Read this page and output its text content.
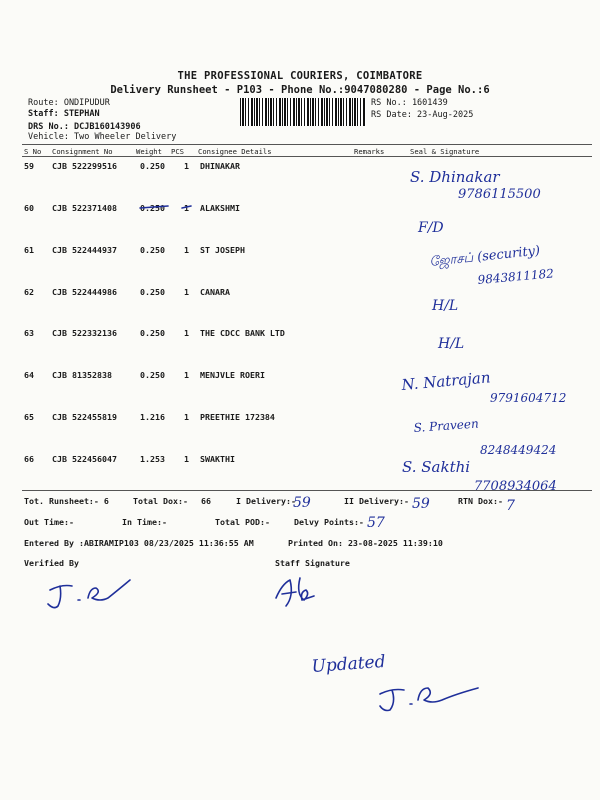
THE PROFESSIONAL COURIERS, COIMBATORE
Delivery Runsheet - P103 - Phone No.:9047080280 - Page No.:6
Route: ONDIPUDUR
Staff: STEPHAN
DRS No.: DCJB160143906
Vehicle: Two Wheeler Delivery
RS No.: 1601439
RS Date: 23-Aug-2025
S No Consignment No	Weight PCS Consignee Details	Remarks	Seal & Signature
59 CJB 522299516	0.250 1 DHINAKAR
60 CJB 522371408	0.250 1 ALAKSHMI
61 CJB 522444937	0.250 1 ST JOSEPH
62 CJB 522444986	0.250 1 CANARA
63 CJB 522332136	0.250 1 THE CDCC BANK LTD
64 CJB 81352838	0.250 1 MENJVLE ROERI
65 CJB 522455819	1.216 1 PREETHIE 172384
66 CJB 522456047	1.253 1 SWAKTHI
Tot. Runsheet:- 6	Total Dox:- 66	I Delivery:-	II Delivery:-	RTN Dox:-
Out Time:-	In Time:-	Total POD:-	Delvy Points:-
Entered By :ABIRAMIP103 08/23/2025 11:36:55 AM	Printed On: 23-08-2025 11:39:10
Verified By	Staff Signature
S. Dhinakar
9786115500
F/D
ஜோசப் (security)
9843811182
H/L
H/L
N. Natrajan
9791604712
S. Praveen
8248449424
S. Sakthi
7708934064
59	59	7
57
Updated
